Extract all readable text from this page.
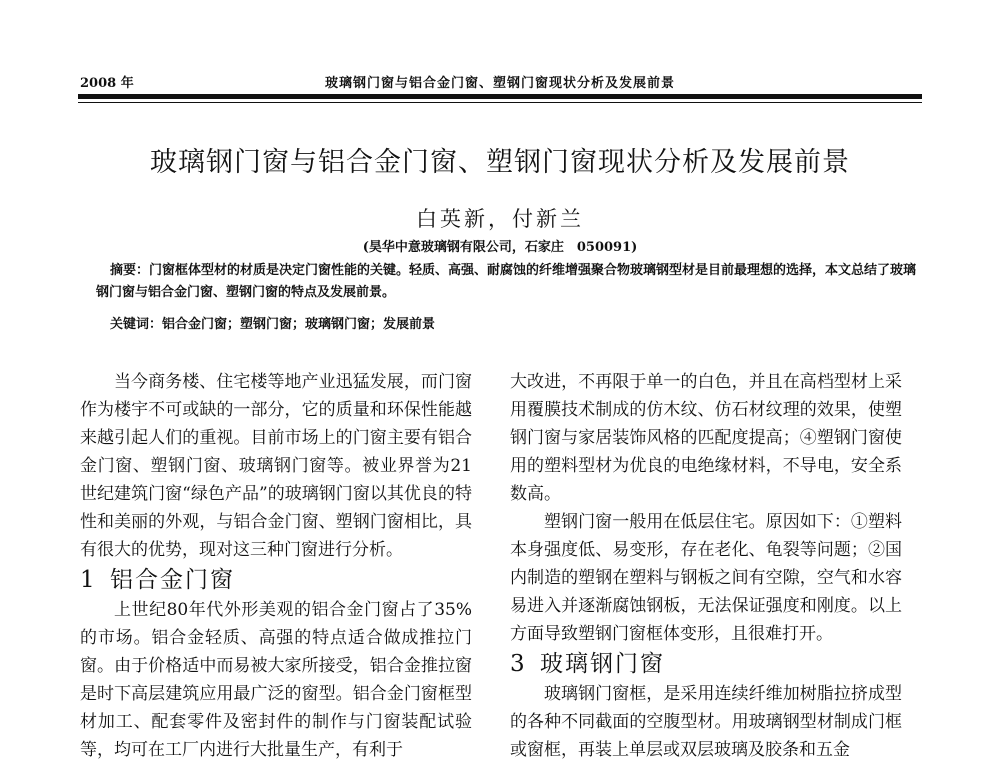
2008 年	玻璃钢门窗与铝合金门窗、塑钢门窗现状分析及发展前景
玻璃钢门窗与铝合金门窗、塑钢门窗现状分析及发展前景
白英新，付新兰
(昊华中意玻璃钢有限公司，石家庄　050091)

摘要：门窗框体型材的材质是决定门窗性能的关键。轻质、高强、耐腐蚀的纤维增强聚合物玻璃钢型材是目前最理想的选择，本文总结了玻璃钢门窗与铝合金门窗、塑钢门窗的特点及发展前景。

关键词：铝合金门窗；塑钢门窗；玻璃钢门窗；发展前景

当今商务楼、住宅楼等地产业迅猛发展，而门窗作为楼宇不可或缺的一部分，它的质量和环保性能越来越引起人们的重视。目前市场上的门窗主要有铝合金门窗、塑钢门窗、玻璃钢门窗等。被业界誉为21世纪建筑门窗“绿色产品”的玻璃钢门窗以其优良的特性和美丽的外观，与铝合金门窗、塑钢门窗相比，具有很大的优势，现对这三种门窗进行分析。

1 铝合金门窗

上世纪80年代外形美观的铝合金门窗占了35%的市场。铝合金轻质、高强的特点适合做成推拉门窗。由于价格适中而易被大家所接受，铝合金推拉窗是时下高层建筑应用最广泛的窗型。铝合金门窗框型材加工、配套零件及密封件的制作与门窗装配试验等，均可在工厂内进行大批量生产，有利于

大改进，不再限于单一的白色，并且在高档型材上采用覆膜技术制成的仿木纹、仿石材纹理的效果，使塑钢门窗与家居装饰风格的匹配度提高；④塑钢门窗使用的塑料型材为优良的电绝缘材料，不导电，安全系数高。

塑钢门窗一般用在低层住宅。原因如下：①塑料本身强度低、易变形，存在老化、龟裂等问题；②国内制造的塑钢在塑料与钢板之间有空隙，空气和水容易进入并逐渐腐蚀钢板，无法保证强度和刚度。以上方面导致塑钢门窗框体变形，且很难打开。

3 玻璃钢门窗

玻璃钢门窗框，是采用连续纤维加树脂拉挤成型的各种不同截面的空腹型材。用玻璃钢型材制成门框或窗框，再装上单层或双层玻璃及胶条和五金
